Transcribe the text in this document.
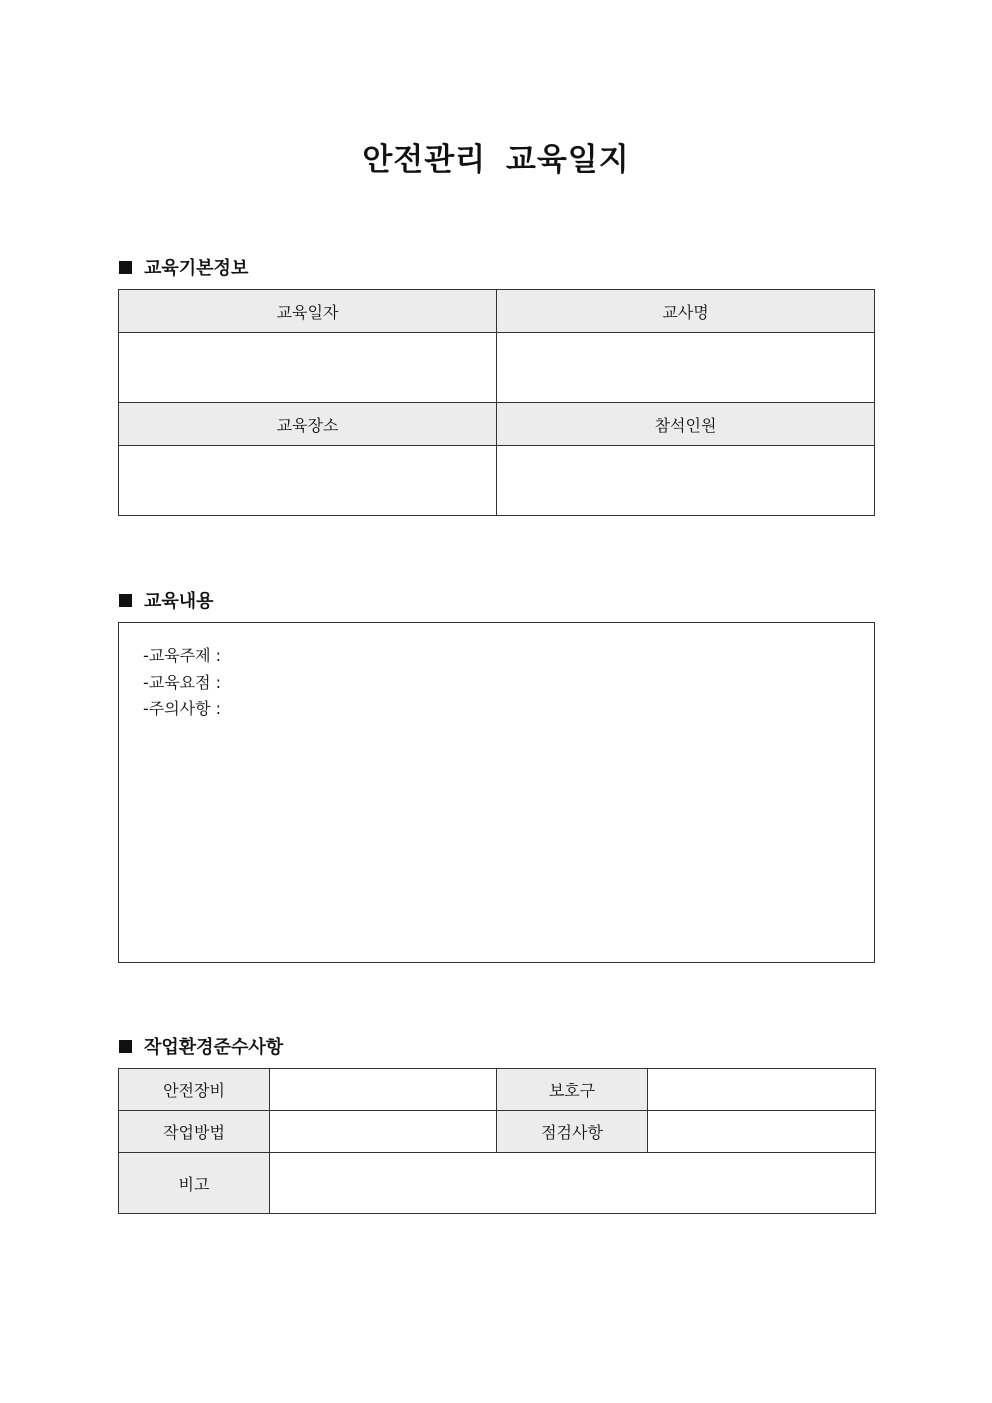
안전관리 교육일지
교육기본정보
교육일자	교사명

교육장소	참석인원

교육내용
-교육주제 :
-교육요점 :
-주의사항 :
작업환경준수사항
안전장비		보호구	
작업방법		점검사항	
비고			
